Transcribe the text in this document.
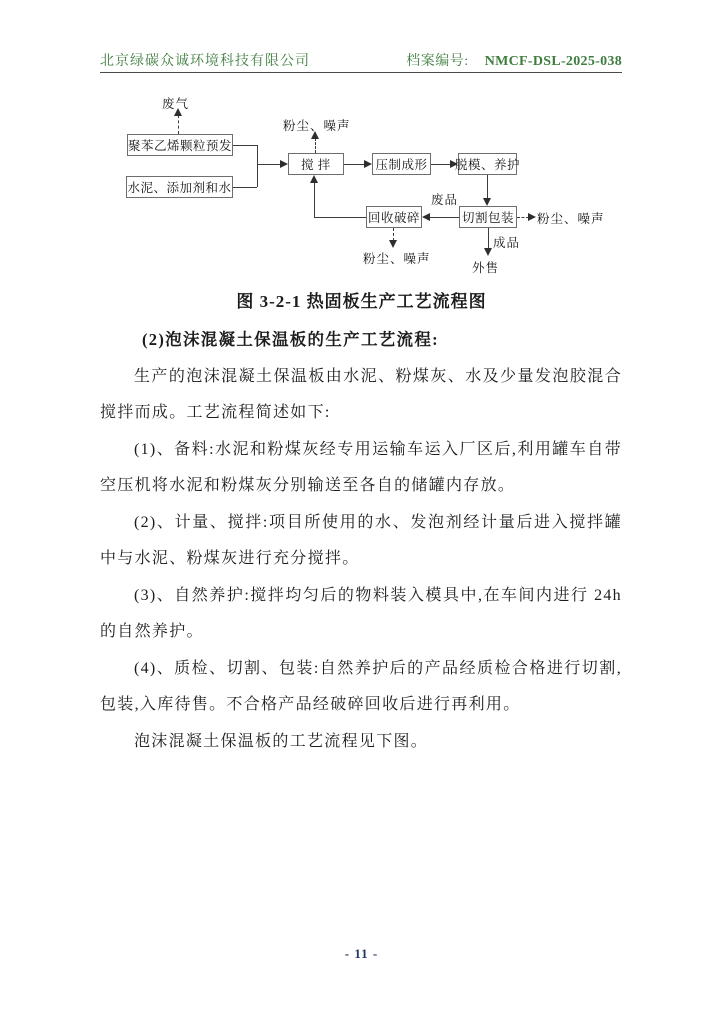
北京绿碳众诚环境科技有限公司	档案编号: NMCF-DSL-2025-038
聚苯乙烯颗粒预发
水泥、添加剂和水
搅 拌	压制成形 脱模、养护
回收破碎	切割包装
废气
粉尘、噪声
废品
粉尘、噪声
成品
外售
粉尘、噪声
图 3-2-1 热固板生产工艺流程图

(2)泡沫混凝土保温板的生产工艺流程:

生产的泡沫混凝土保温板由水泥、粉煤灰、水及少量发泡胶混合搅拌而成。工艺流程简述如下:

(1)、备料:水泥和粉煤灰经专用运输车运入厂区后,利用罐车自带空压机将水泥和粉煤灰分别输送至各自的储罐内存放。

(2)、计量、搅拌:项目所使用的水、发泡剂经计量后进入搅拌罐中与水泥、粉煤灰进行充分搅拌。

(3)、自然养护:搅拌均匀后的物料装入模具中,在车间内进行 24h 的自然养护。

(4)、质检、切割、包装:自然养护后的产品经质检合格进行切割,包装,入库待售。不合格产品经破碎回收后进行再利用。

泡沫混凝土保温板的工艺流程见下图。

- 11 -
